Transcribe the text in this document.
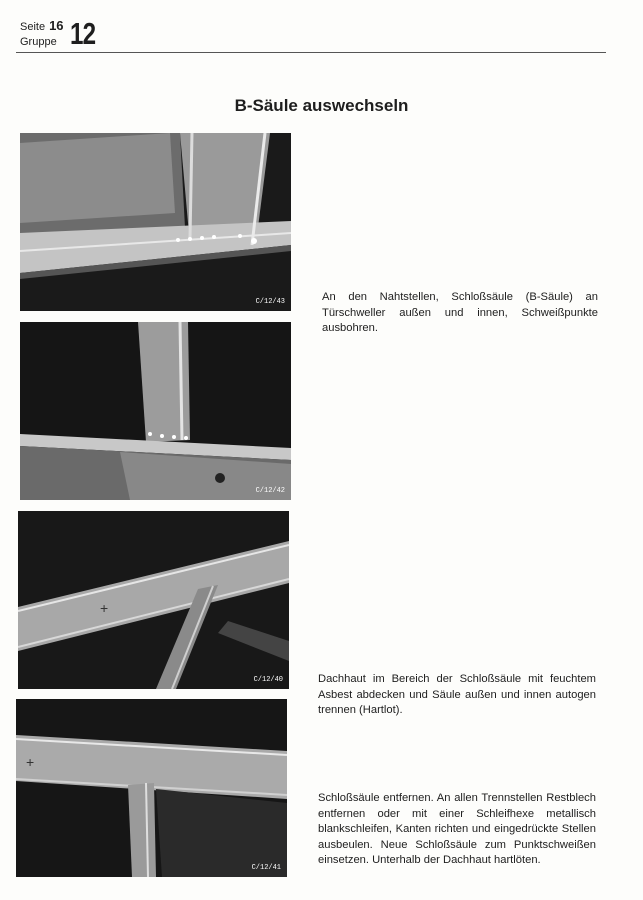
Seite 16
Gruppe 12
B-Säule auswechseln
C/12/43
C/12/42
+
C/12/40
+
C/12/41

An den Nahtstellen, Schloßsäule (B-Säule) an Türschweller außen und innen, Schweißpunkte ausbohren.

Dachhaut im Bereich der Schloßsäule mit feuchtem Asbest abdecken und Säule außen und innen autogen trennen (Hartlot).

Schloßsäule entfernen. An allen Trennstellen Restblech entfernen oder mit einer Schleifhexe metallisch blankschleifen, Kanten richten und eingedrückte Stellen ausbeulen. Neue Schloßsäule zum Punktschweißen einsetzen. Unterhalb der Dachhaut hartlöten.
